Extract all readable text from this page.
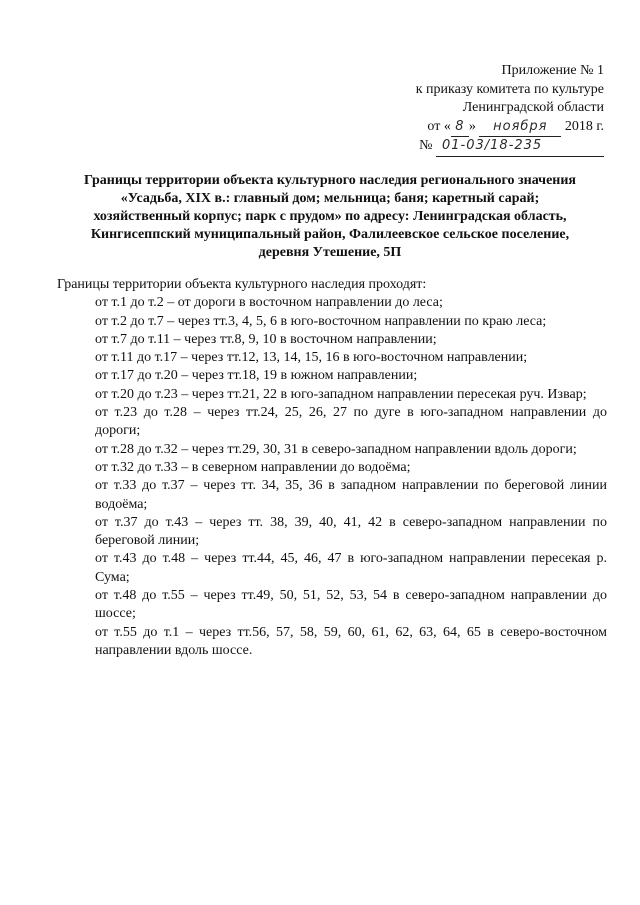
Приложение № 1
к приказу комитета по культуре
Ленинградской области
от « 8 » ноября 2018 г.
№ 01-03/18-235
Границы территории объекта культурного наследия регионального значения
«Усадьба, XIX в.: главный дом; мельница; баня; каретный сарай;
хозяйственный корпус; парк с прудом» по адресу: Ленинградская область,
Кингисеппский муниципальный район, Фалилеевское сельское поселение,
деревня Утешение, 5П
Границы территории объекта культурного наследия проходят:
от т.1 до т.2 – от дороги в восточном направлении до леса;
от т.2 до т.7 – через тт.3, 4, 5, 6 в юго-восточном направлении по краю леса;
от т.7 до т.11 – через тт.8, 9, 10 в восточном направлении;
от т.11 до т.17 – через тт.12, 13, 14, 15, 16 в юго-восточном направлении;
от т.17 до т.20 – через тт.18, 19 в южном направлении;
от т.20 до т.23 – через тт.21, 22 в юго-западном направлении пересекая руч. Извар;
от т.23 до т.28 – через тт.24, 25, 26, 27 по дуге в юго-западном направлении до дороги;
от т.28 до т.32 – через тт.29, 30, 31 в северо-западном направлении вдоль дороги;
от т.32 до т.33 – в северном направлении до водоёма;
от т.33 до т.37 – через тт. 34, 35, 36 в западном направлении по береговой линии водоёма;
от т.37 до т.43 – через тт. 38, 39, 40, 41, 42 в северо-западном направлении по береговой линии;
от т.43 до т.48 – через тт.44, 45, 46, 47 в юго-западном направлении пересекая р. Сума;
от т.48 до т.55 – через тт.49, 50, 51, 52, 53, 54 в северо-западном направлении до шоссе;
от т.55 до т.1 – через тт.56, 57, 58, 59, 60, 61, 62, 63, 64, 65 в северо-восточном направлении вдоль шоссе.
